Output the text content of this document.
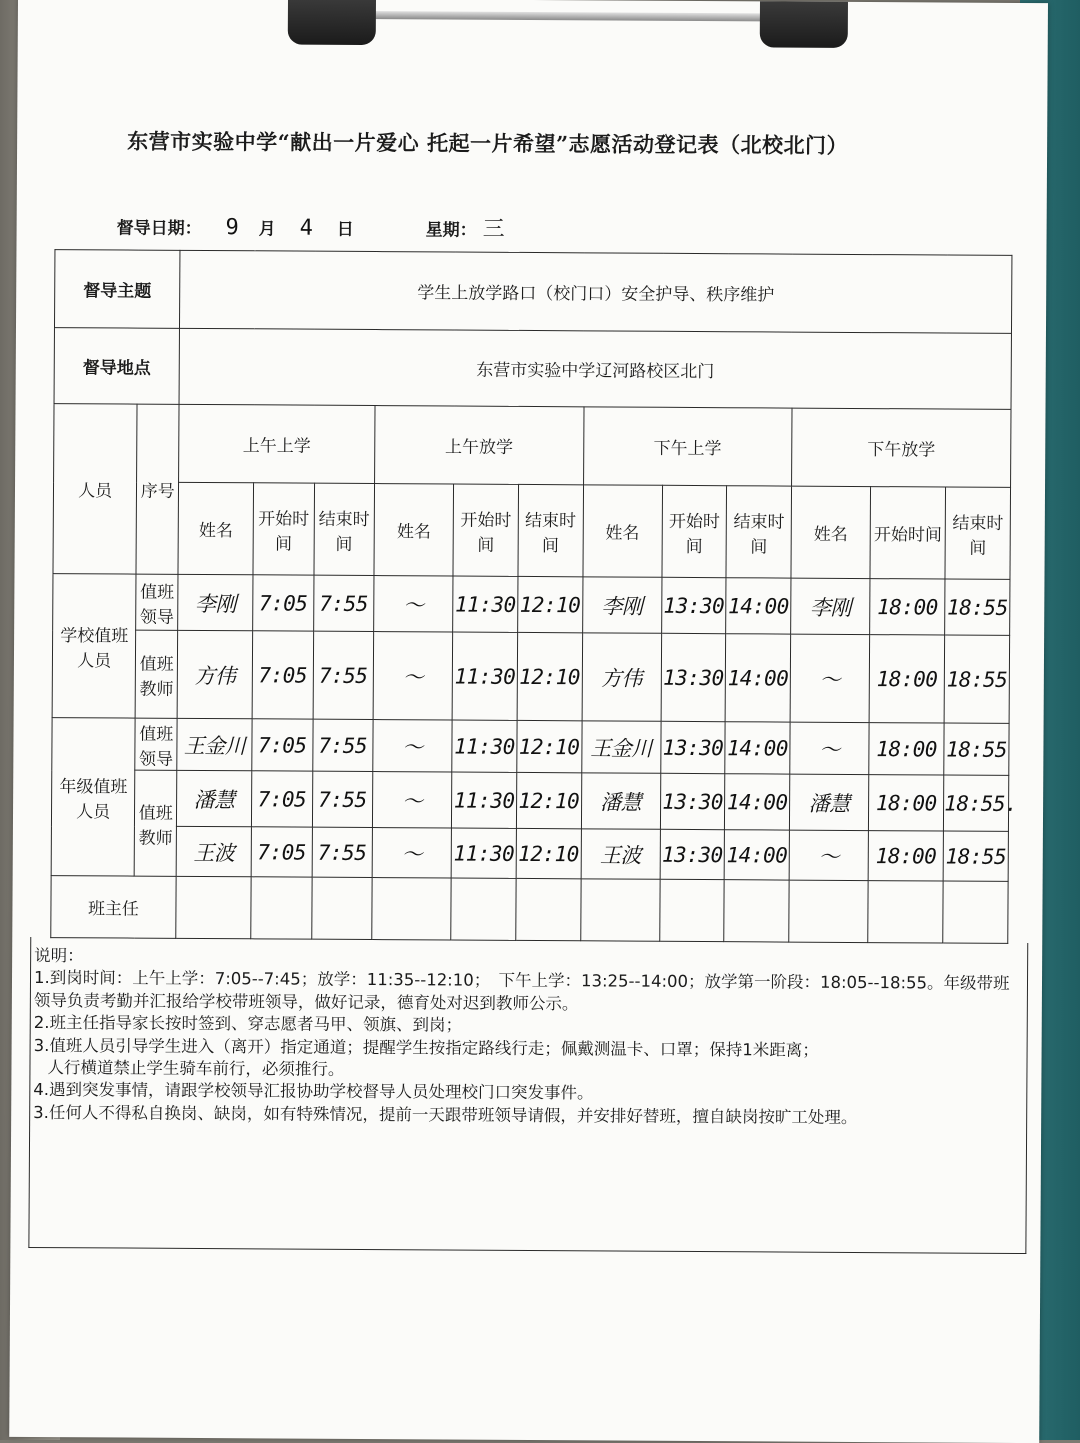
东营市实验中学“献出一片爱心 托起一片希望”志愿活动登记表（北校北门）
督导日期： 9 月 4 日	星期： 三
督导主题		学生上放学路口（校门口）安全护导、秩序维护											
督导地点		东营市实验中学辽河路校区北门											
人员	序号	上午上学			上午放学			下午上学			下午放学		
		姓名	开始时间	结束时间	姓名	开始时间	结束时间	姓名	开始时间	结束时间	姓名	开始时间	结束时间
学校值班人员	值班领导	李刚	7:05	7:55	〜	11:30	12:10	李刚	13:30	14:00	李刚	18:00	18:55
	值班教师	方伟	7:05	7:55	〜	11:30	12:10	方伟	13:30	14:00	〜	18:00	18:55
年级值班人员	值班领导	王金川	7:05	7:55	〜	11:30	12:10	王金川	13:30	14:00	〜	18:00	18:55
	值班教师	潘慧	7:05	7:55	〜	11:30	12:10	潘慧	13:30	14:00	潘慧	18:00	18:55.
		王波	7:05	7:55	〜	11:30	12:10	王波	13:30	14:00	〜	18:00	18:55
班主任													
说明：
1.到岗时间：上午上学：7:05--7:45；放学：11:35--12:10；　下午上学：13:25--14:00；放学第一阶段：18:05--18:55。年级带班领导负责考勤并汇报给学校带班领导，做好记录，德育处对迟到教师公示。
2.班主任指导家长按时签到、穿志愿者马甲、领旗、到岗；
3.值班人员引导学生进入（离开）指定通道；提醒学生按指定路线行走；佩戴测温卡、口罩；保持1米距离；
人行横道禁止学生骑车前行，必须推行。
4.遇到突发事情，请跟学校领导汇报协助学校督导人员处理校门口突发事件。
3.任何人不得私自换岗、缺岗，如有特殊情况，提前一天跟带班领导请假，并安排好替班，擅自缺岗按旷工处理。
